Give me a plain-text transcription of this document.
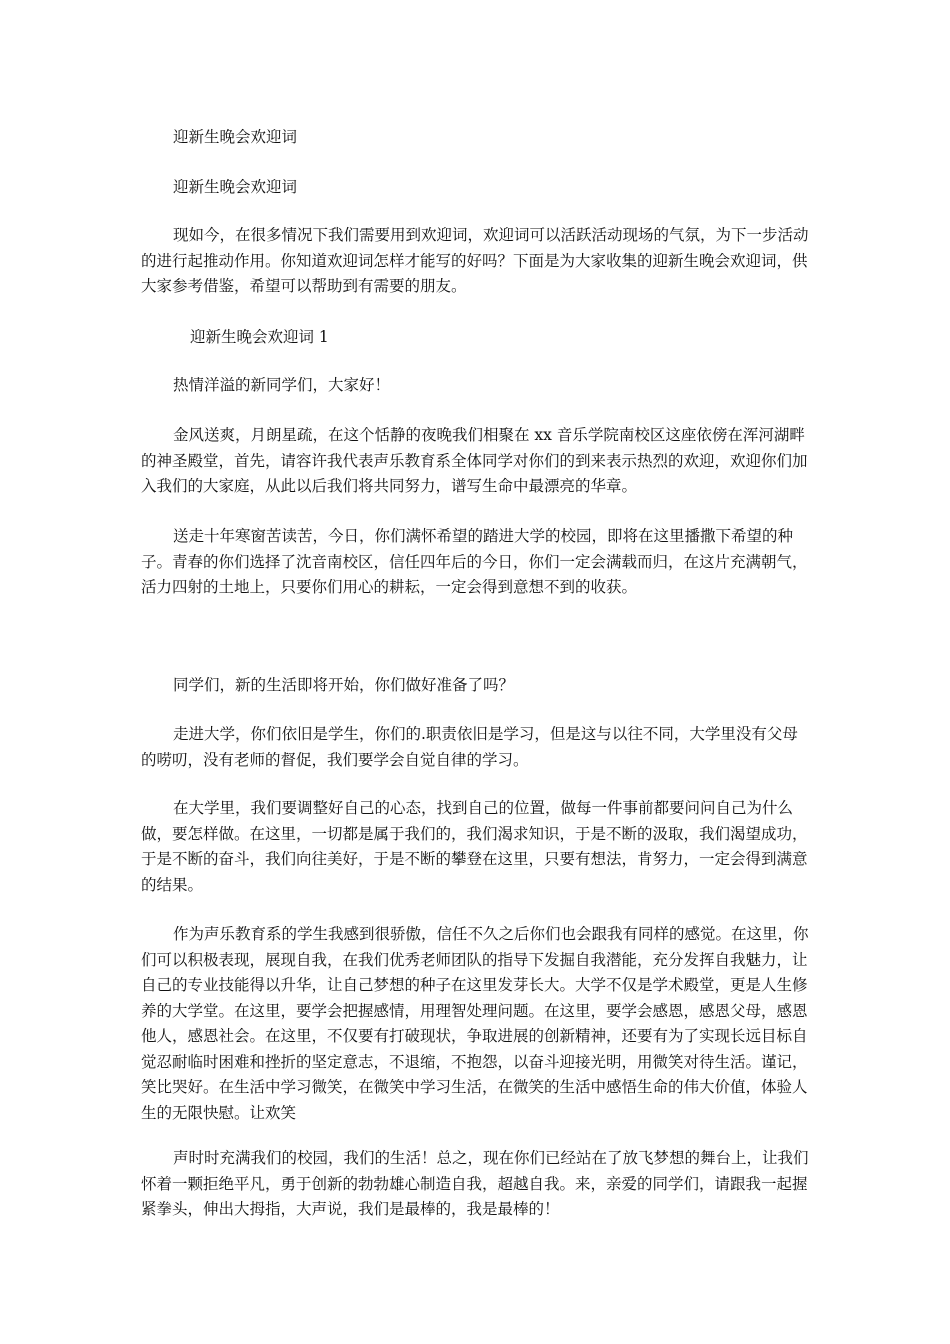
迎新生晚会欢迎词
迎新生晚会欢迎词
现如今，在很多情况下我们需要用到欢迎词，欢迎词可以活跃活动现场的气氛，为下一步活动的进行起推动作用。你知道欢迎词怎样才能写的好吗？下面是为大家收集的迎新生晚会欢迎词，供大家参考借鉴，希望可以帮助到有需要的朋友。
迎新生晚会欢迎词 1
热情洋溢的新同学们，大家好！
金风送爽，月朗星疏，在这个恬静的夜晚我们相聚在 xx 音乐学院南校区这座依傍在浑河湖畔的神圣殿堂，首先，请容许我代表声乐教育系全体同学对你们的到来表示热烈的欢迎，欢迎你们加入我们的大家庭，从此以后我们将共同努力，谱写生命中最漂亮的华章。
送走十年寒窗苦读苦，今日，你们满怀希望的踏进大学的校园，即将在这里播撒下希望的种子。青春的你们选择了沈音南校区，信任四年后的今日，你们一定会满载而归，在这片充满朝气，活力四射的土地上，只要你们用心的耕耘，一定会得到意想不到的收获。
同学们，新的生活即将开始，你们做好准备了吗？
走进大学，你们依旧是学生，你们的.职责依旧是学习，但是这与以往不同，大学里没有父母的唠叨，没有老师的督促，我们要学会自觉自律的学习。
在大学里，我们要调整好自己的心态，找到自己的位置，做每一件事前都要问问自己为什么做，要怎样做。在这里，一切都是属于我们的，我们渴求知识，于是不断的汲取，我们渴望成功，于是不断的奋斗，我们向往美好，于是不断的攀登在这里，只要有想法，肯努力，一定会得到满意的结果。
作为声乐教育系的学生我感到很骄傲，信任不久之后你们也会跟我有同样的感觉。在这里，你们可以积极表现，展现自我，在我们优秀老师团队的指导下发掘自我潜能，充分发挥自我魅力，让自己的专业技能得以升华，让自己梦想的种子在这里发芽长大。大学不仅是学术殿堂，更是人生修养的大学堂。在这里，要学会把握感情，用理智处理问题。在这里，要学会感恩，感恩父母，感恩他人，感恩社会。在这里，不仅要有打破现状，争取进展的创新精神，还要有为了实现长远目标自觉忍耐临时困难和挫折的坚定意志，不退缩，不抱怨，以奋斗迎接光明，用微笑对待生活。谨记，笑比哭好。在生活中学习微笑，在微笑中学习生活，在微笑的生活中感悟生命的伟大价值，体验人生的无限快慰。让欢笑
声时时充满我们的校园，我们的生活！总之，现在你们已经站在了放飞梦想的舞台上，让我们怀着一颗拒绝平凡，勇于创新的勃勃雄心制造自我，超越自我。来，亲爱的同学们，请跟我一起握紧拳头，伸出大拇指，大声说，我们是最棒的，我是最棒的！
